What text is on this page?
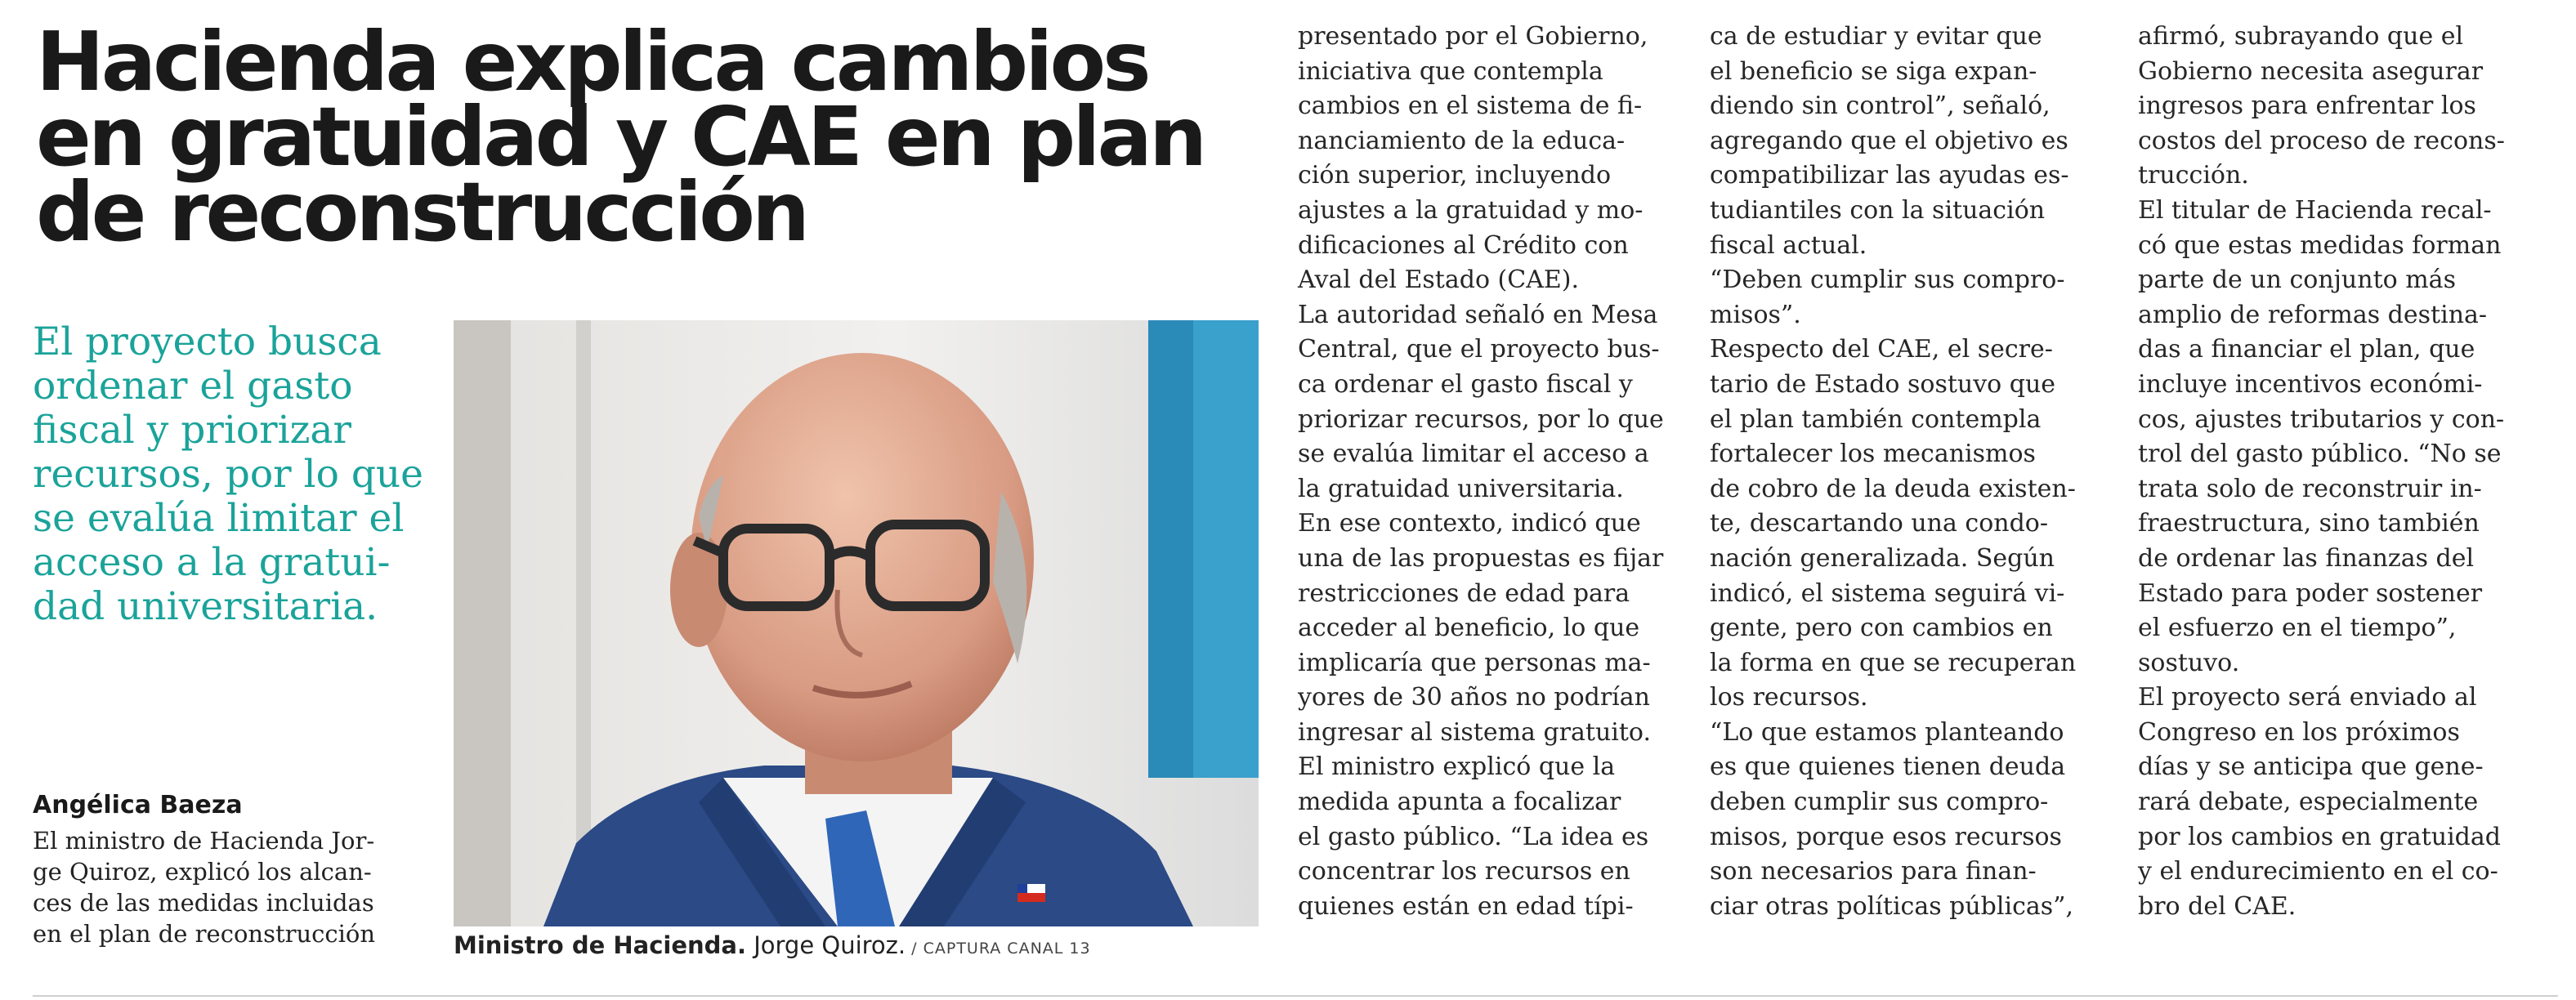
Hacienda explica cambios
en gratuidad y CAE en plan
de reconstrucción

El proyecto busca
ordenar el gasto
fiscal y priorizar
recursos, por lo que
se evalúa limitar el
acceso a la gratui-
dad universitaria.

Angélica Baeza

El ministro de Hacienda Jor-
ge Quiroz, explicó los alcan-
ces de las medidas incluidas
en el plan de reconstrucción	Ministro de Hacienda. Jorge Quiroz. / CAPTURA CANAL 13
presentado por el Gobierno,
iniciativa que contempla
cambios en el sistema de fi-
nanciamiento de la educa-
ción superior, incluyendo
ajustes a la gratuidad y mo-
dificaciones al Crédito con
Aval del Estado (CAE).
La autoridad señaló en Mesa
Central, que el proyecto bus-
ca ordenar el gasto fiscal y
priorizar recursos, por lo que
se evalúa limitar el acceso a
la gratuidad universitaria.
En ese contexto, indicó que
una de las propuestas es fijar
restricciones de edad para
acceder al beneficio, lo que
implicaría que personas ma-
yores de 30 años no podrían
ingresar al sistema gratuito.
El ministro explicó que la
medida apunta a focalizar
el gasto público. “La idea es
concentrar los recursos en
quienes están en edad típi-
ca de estudiar y evitar que
el beneficio se siga expan-
diendo sin control”, señaló,
agregando que el objetivo es
compatibilizar las ayudas es-
tudiantiles con la situación
fiscal actual.
“Deben cumplir sus compro-
misos”.
Respecto del CAE, el secre-
tario de Estado sostuvo que
el plan también contempla
fortalecer los mecanismos
de cobro de la deuda existen-
te, descartando una condo-
nación generalizada. Según
indicó, el sistema seguirá vi-
gente, pero con cambios en
la forma en que se recuperan
los recursos.
“Lo que estamos planteando
es que quienes tienen deuda
deben cumplir sus compro-
misos, porque esos recursos
son necesarios para finan-
ciar otras políticas públicas”,
afirmó, subrayando que el
Gobierno necesita asegurar
ingresos para enfrentar los
costos del proceso de recons-
trucción.
El titular de Hacienda recal-
có que estas medidas forman
parte de un conjunto más
amplio de reformas destina-
das a financiar el plan, que
incluye incentivos económi-
cos, ajustes tributarios y con-
trol del gasto público. “No se
trata solo de reconstruir in-
fraestructura, sino también
de ordenar las finanzas del
Estado para poder sostener
el esfuerzo en el tiempo”,
sostuvo.
El proyecto será enviado al
Congreso en los próximos
días y se anticipa que gene-
rará debate, especialmente
por los cambios en gratuidad
y el endurecimiento en el co-
bro del CAE.
